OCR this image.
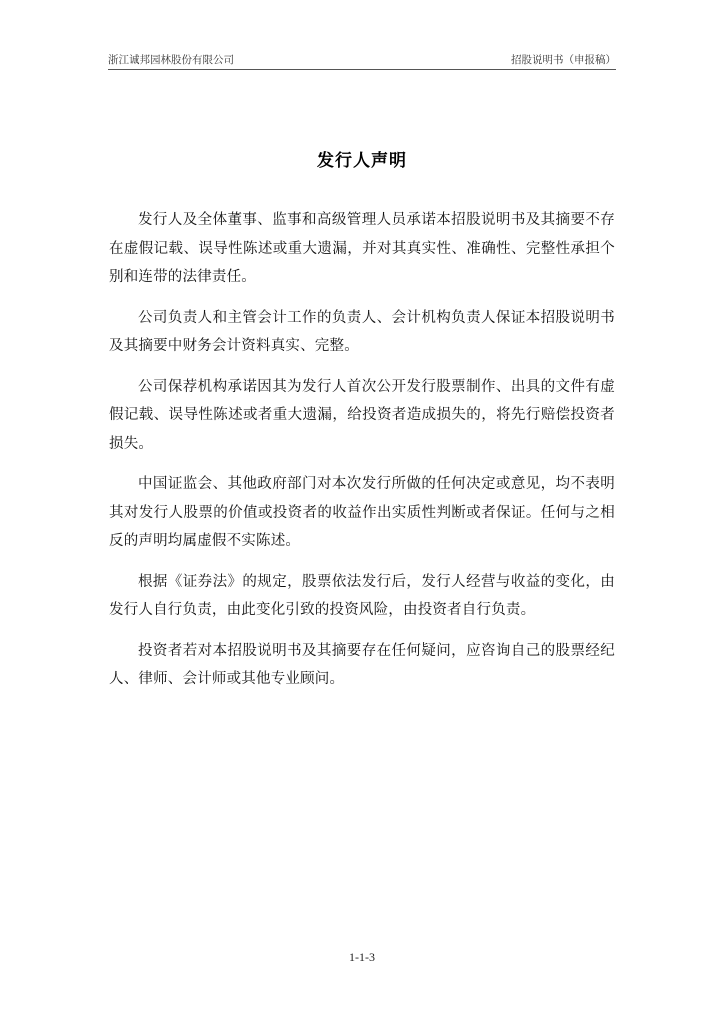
浙江诚邦园林股份有限公司	招股说明书（申报稿）
发行人声明

发行人及全体董事、监事和高级管理人员承诺本招股说明书及其摘要不存在虚假记载、误导性陈述或重大遗漏，并对其真实性、准确性、完整性承担个别和连带的法律责任。

公司负责人和主管会计工作的负责人、会计机构负责人保证本招股说明书及其摘要中财务会计资料真实、完整。

公司保荐机构承诺因其为发行人首次公开发行股票制作、出具的文件有虚假记载、误导性陈述或者重大遗漏，给投资者造成损失的，将先行赔偿投资者损失。

中国证监会、其他政府部门对本次发行所做的任何决定或意见，均不表明其对发行人股票的价值或投资者的收益作出实质性判断或者保证。任何与之相反的声明均属虚假不实陈述。

根据《证券法》的规定，股票依法发行后，发行人经营与收益的变化，由发行人自行负责，由此变化引致的投资风险，由投资者自行负责。

投资者若对本招股说明书及其摘要存在任何疑问，应咨询自己的股票经纪人、律师、会计师或其他专业顾问。

1-1-3
